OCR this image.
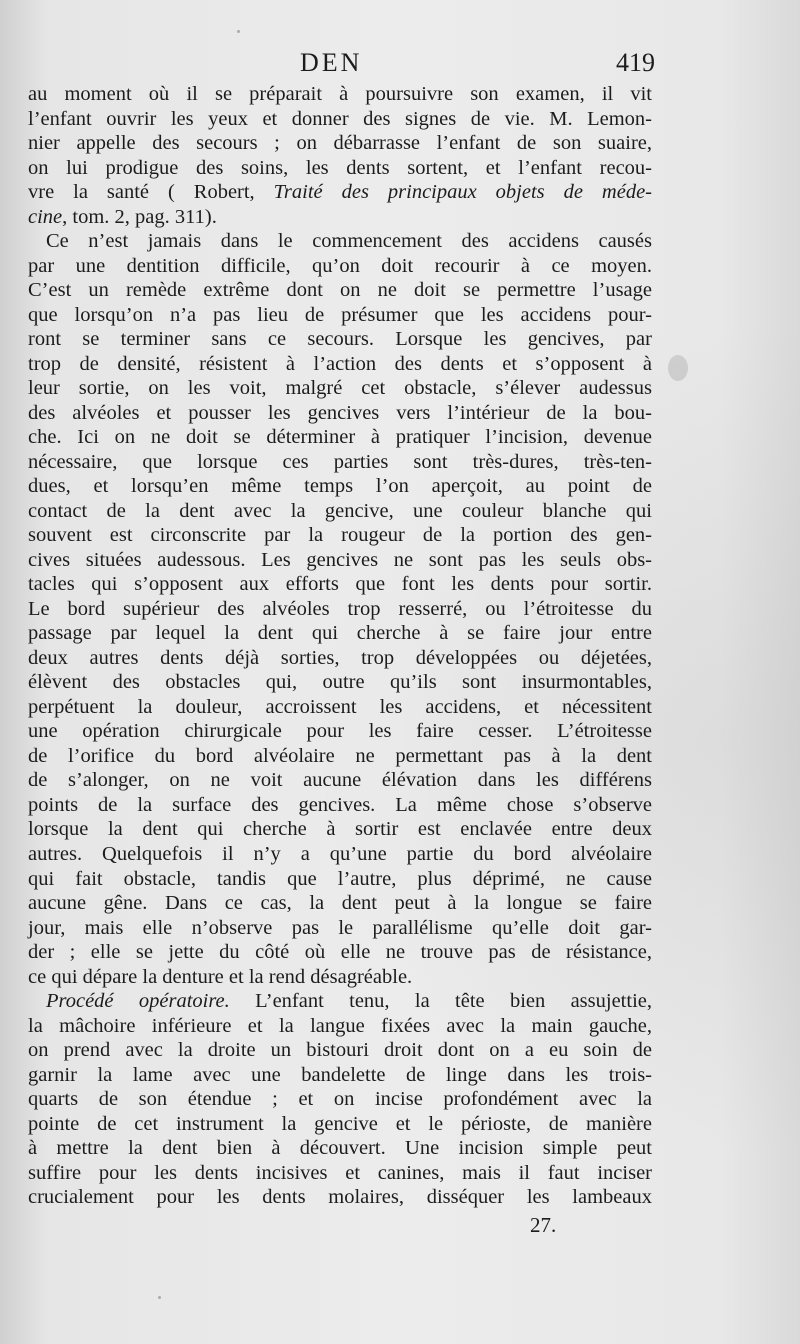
DEN	419
au moment où il se préparait à poursuivre son examen, il vit
l’enfant ouvrir les yeux et donner des signes de vie. M. Lemon-
nier appelle des secours ; on débarrasse l’enfant de son suaire,
on lui prodigue des soins, les dents sortent, et l’enfant recou-
vre la santé ( Robert, Traité des principaux objets de méde-
cine, tom. 2, pag. 311).
Ce n’est jamais dans le commencement des accidens causés
par une dentition difficile, qu’on doit recourir à ce moyen.
C’est un remède extrême dont on ne doit se permettre l’usage
que lorsqu’on n’a pas lieu de présumer que les accidens pour-
ront se terminer sans ce secours. Lorsque les gencives, par
trop de densité, résistent à l’action des dents et s’opposent à
leur sortie, on les voit, malgré cet obstacle, s’élever audessus
des alvéoles et pousser les gencives vers l’intérieur de la bou-
che. Ici on ne doit se déterminer à pratiquer l’incision, devenue
nécessaire, que lorsque ces parties sont très-dures, très-ten-
dues, et lorsqu’en même temps l’on aperçoit, au point de
contact de la dent avec la gencive, une couleur blanche qui
souvent est circonscrite par la rougeur de la portion des gen-
cives situées audessous. Les gencives ne sont pas les seuls obs-
tacles qui s’opposent aux efforts que font les dents pour sortir.
Le bord supérieur des alvéoles trop resserré, ou l’étroitesse du
passage par lequel la dent qui cherche à se faire jour entre
deux autres dents déjà sorties, trop développées ou déjetées,
élèvent des obstacles qui, outre qu’ils sont insurmontables,
perpétuent la douleur, accroissent les accidens, et nécessitent
une opération chirurgicale pour les faire cesser. L’étroitesse
de l’orifice du bord alvéolaire ne permettant pas à la dent
de s’alonger, on ne voit aucune élévation dans les différens
points de la surface des gencives. La même chose s’observe
lorsque la dent qui cherche à sortir est enclavée entre deux
autres. Quelquefois il n’y a qu’une partie du bord alvéolaire
qui fait obstacle, tandis que l’autre, plus déprimé, ne cause
aucune gêne. Dans ce cas, la dent peut à la longue se faire
jour, mais elle n’observe pas le parallélisme qu’elle doit gar-
der ; elle se jette du côté où elle ne trouve pas de résistance,
ce qui dépare la denture et la rend désagréable.
Procédé opératoire. L’enfant tenu, la tête bien assujettie,
la mâchoire inférieure et la langue fixées avec la main gauche,
on prend avec la droite un bistouri droit dont on a eu soin de
garnir la lame avec une bandelette de linge dans les trois-
quarts de son étendue ; et on incise profondément avec la
pointe de cet instrument la gencive et le périoste, de manière
à mettre la dent bien à découvert. Une incision simple peut
suffire pour les dents incisives et canines, mais il faut inciser
crucialement pour les dents molaires, disséquer les lambeaux
27.
